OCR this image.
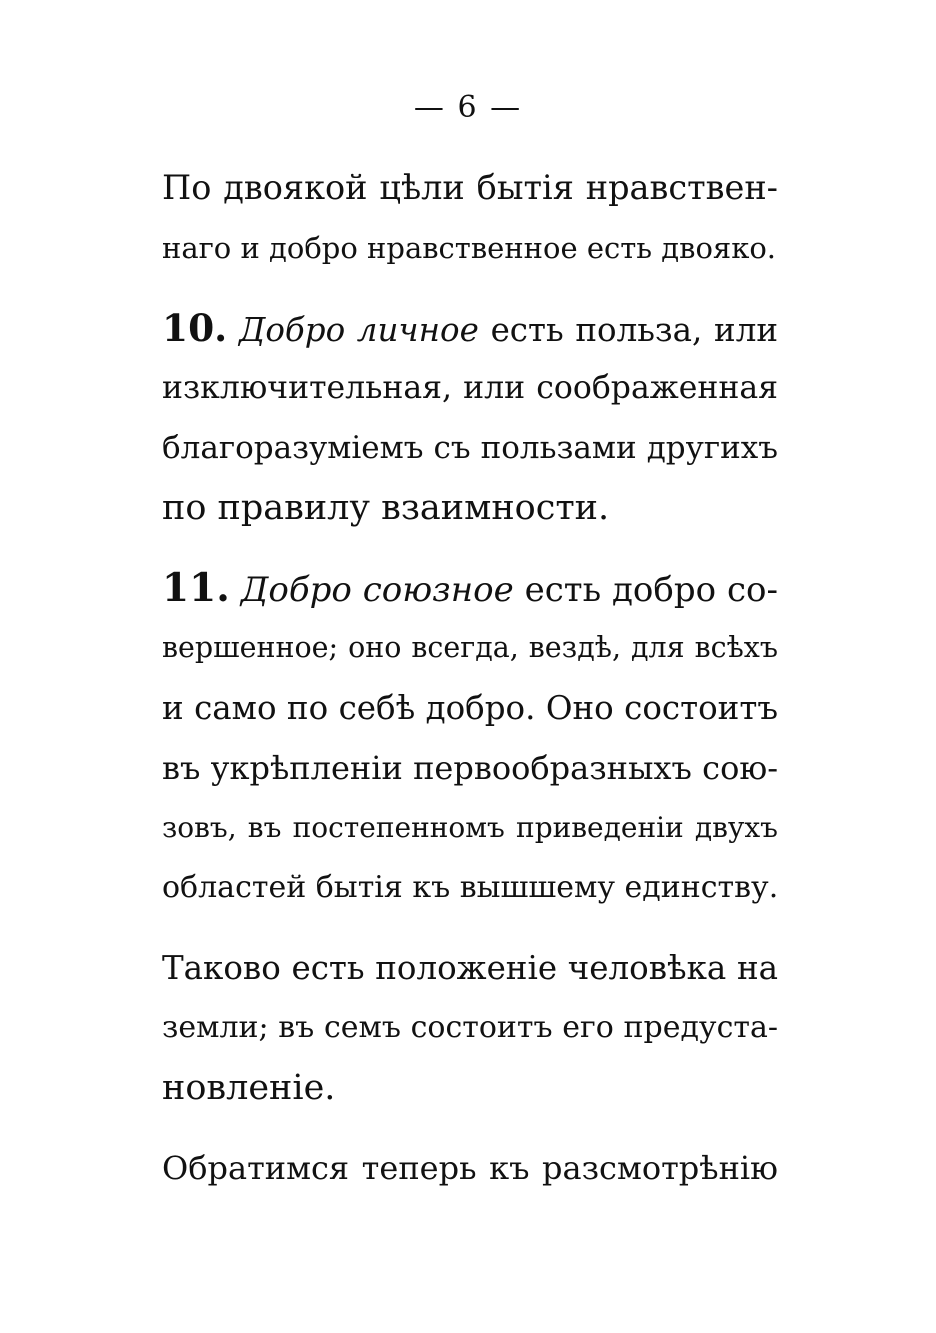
— 6 —
По двоякой цѣли бытія нравствен-
наго и добро нравственное есть двояко.
10. Добро личное есть польза, или
изключительная, или соображенная
благоразуміемъ съ пользами другихъ
по правилу взаимности.
11. Добро союзное есть добро со-
вершенное; оно всегда, вездѣ, для всѣхъ
и само по себѣ добро. Оно состоитъ
въ укрѣпленіи первообразныхъ сою-
зовъ, въ постепенномъ приведеніи двухъ
областей бытія къ вышшему единству.
Таково есть положеніе человѣка на
земли; въ семъ состоитъ его предуста-
новленіе.
Обратимся теперь къ разсмотрѣнію
